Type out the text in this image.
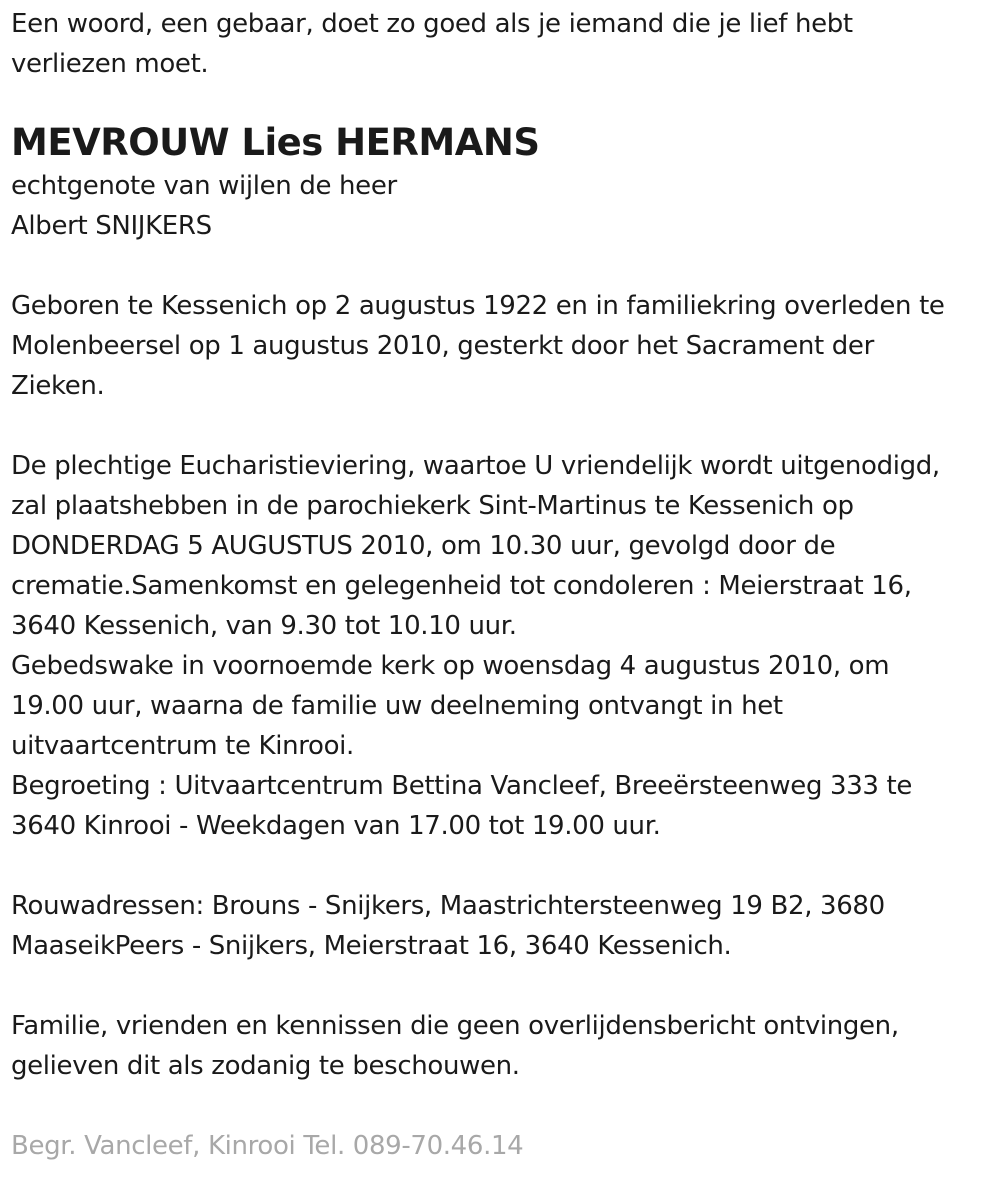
Een woord, een gebaar, doet zo goed als je iemand die je lief hebt
verliezen moet.
MEVROUW Lies HERMANS
echtgenote van wijlen de heer
Albert SNIJKERS
Geboren te Kessenich op 2 augustus 1922 en in familiekring overleden te
Molenbeersel op 1 augustus 2010, gesterkt door het Sacrament der
Zieken.
De plechtige Eucharistieviering, waartoe U vriendelijk wordt uitgenodigd,
zal plaatshebben in de parochiekerk Sint-Martinus te Kessenich op
DONDERDAG 5 AUGUSTUS 2010, om 10.30 uur, gevolgd door de
crematie.Samenkomst en gelegenheid tot condoleren : Meierstraat 16,
3640 Kessenich, van 9.30 tot 10.10 uur.
Gebedswake in voornoemde kerk op woensdag 4 augustus 2010, om
19.00 uur, waarna de familie uw deelneming ontvangt in het
uitvaartcentrum te Kinrooi.
Begroeting : Uitvaartcentrum Bettina Vancleef, Breeërsteenweg 333 te
3640 Kinrooi - Weekdagen van 17.00 tot 19.00 uur.
Rouwadressen: Brouns - Snijkers, Maastrichtersteenweg 19 B2, 3680
MaaseikPeers - Snijkers, Meierstraat 16, 3640 Kessenich.
Familie, vrienden en kennissen die geen overlijdensbericht ontvingen,
gelieven dit als zodanig te beschouwen.
Begr. Vancleef, Kinrooi Tel. 089-70.46.14
